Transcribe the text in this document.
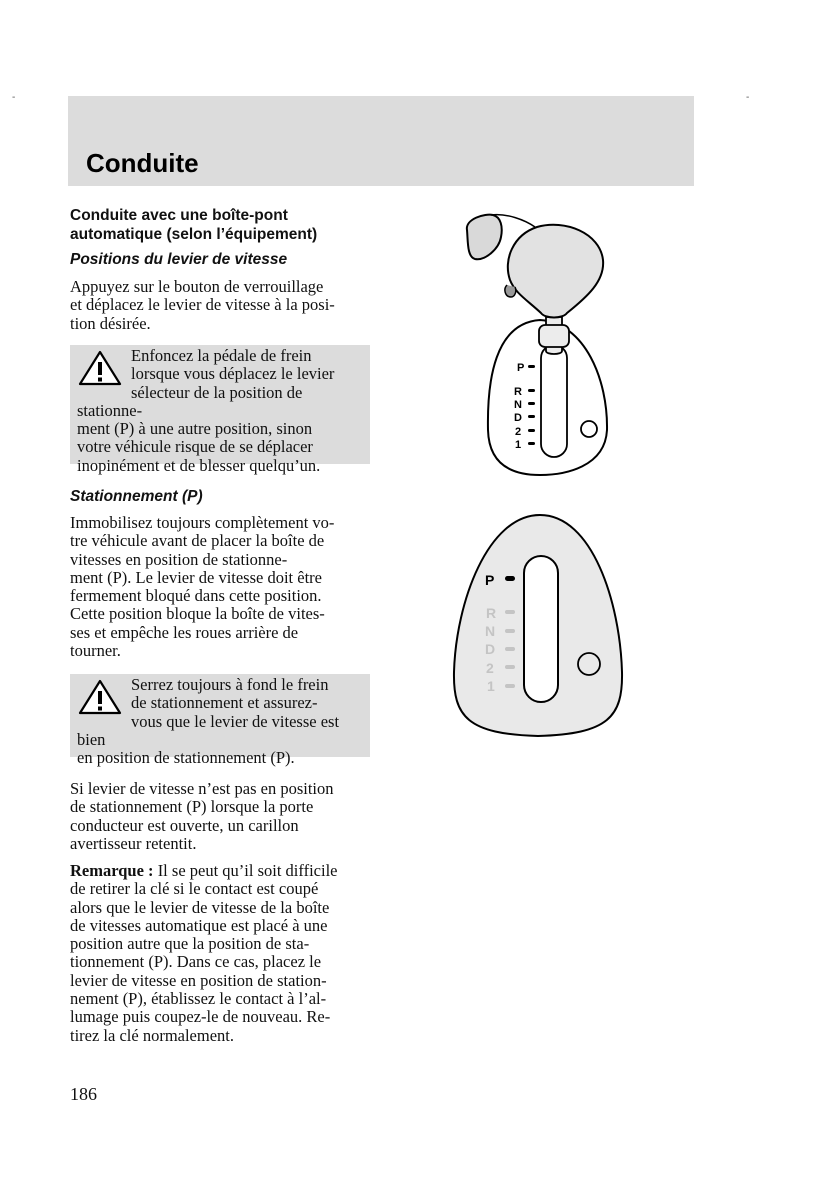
-	-
Conduite

Conduite avec une boîte-pont

automatique (selon l’équipement)

Positions du levier de vitesse

Appuyez sur le bouton de verrouillage

et déplacez le levier de vitesse à la posi-

tion désirée.

Enfoncez la pédale de frein

lorsque vous déplacez le levier

sélecteur de la position de stationne-

ment (P) à une autre position, sinon

votre véhicule risque de se déplacer

inopinément et de blesser quelqu’un.

Stationnement (P)

Immobilisez toujours complètement vo-

tre véhicule avant de placer la boîte de

vitesses en position de stationne-

ment (P). Le levier de vitesse doit être

fermement bloqué dans cette position.

Cette position bloque la boîte de vites-

ses et empêche les roues arrière de

tourner.

Serrez toujours à fond le frein

de stationnement et assurez-

vous que le levier de vitesse est bien

en position de stationnement (P).

Si levier de vitesse n’est pas en position

de stationnement (P) lorsque la porte

conducteur est ouverte, un carillon

avertisseur retentit.

Remarque : Il se peut qu’il soit difficile

de retirer la clé si le contact est coupé

alors que le levier de vitesse de la boîte

de vitesses automatique est placé à une

position autre que la position de sta-

tionnement (P). Dans ce cas, placez le

levier de vitesse en position de station-

nement (P), établissez le contact à l’al-

lumage puis coupez-le de nouveau. Re-

tirez la clé normalement.

186

P
R
N
D
2
1
P
R
N
D
2
1
